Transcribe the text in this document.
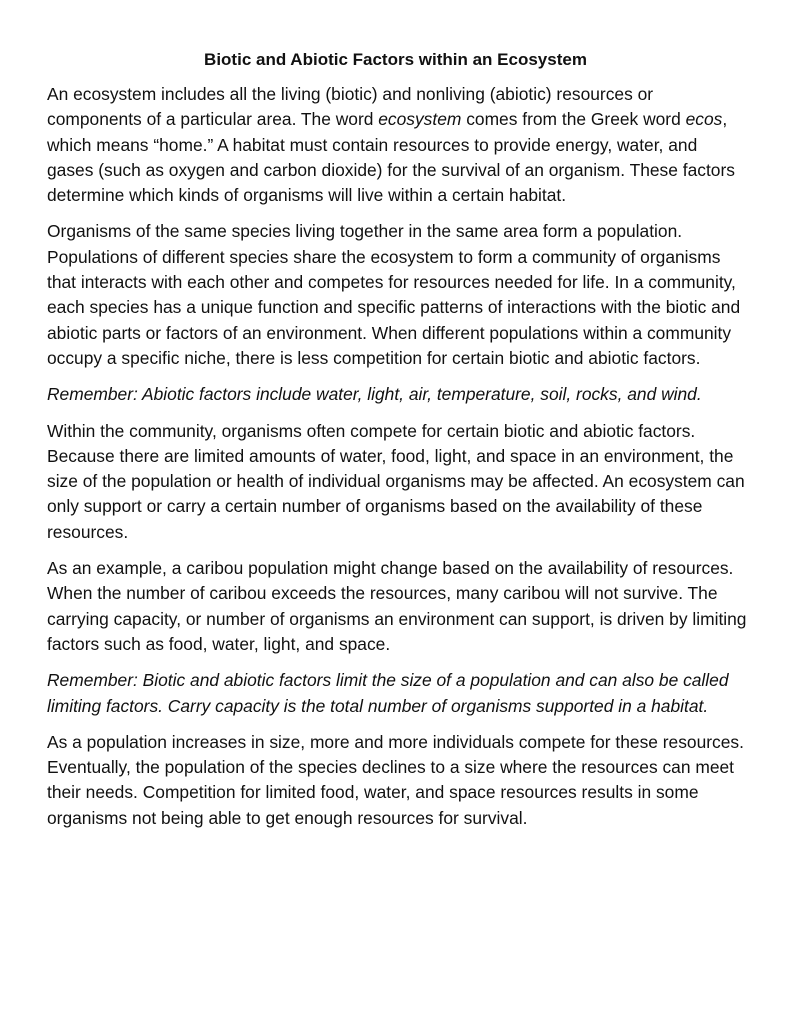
Biotic and Abiotic Factors within an Ecosystem

An ecosystem includes all the living (biotic) and nonliving (abiotic) resources or components of a particular area. The word ecosystem comes from the Greek word ecos, which means “home.” A habitat must contain resources to provide energy, water, and gases (such as oxygen and carbon dioxide) for the survival of an organism. These factors determine which kinds of organisms will live within a certain habitat.

Organisms of the same species living together in the same area form a population. Populations of different species share the ecosystem to form a community of organisms that interacts with each other and competes for resources needed for life. In a community, each species has a unique function and specific patterns of interactions with the biotic and abiotic parts or factors of an environment. When different populations within a community occupy a specific niche, there is less competition for certain biotic and abiotic factors.

Remember: Abiotic factors include water, light, air, temperature, soil, rocks, and wind.

Within the community, organisms often compete for certain biotic and abiotic factors. Because there are limited amounts of water, food, light, and space in an environment, the size of the population or health of individual organisms may be affected. An ecosystem can only support or carry a certain number of organisms based on the availability of these resources.

As an example, a caribou population might change based on the availability of resources. When the number of caribou exceeds the resources, many caribou will not survive. The carrying capacity, or number of organisms an environment can support, is driven by limiting factors such as food, water, light, and space.

Remember: Biotic and abiotic factors limit the size of a population and can also be called limiting factors. Carry capacity is the total number of organisms supported in a habitat.

As a population increases in size, more and more individuals compete for these resources. Eventually, the population of the species declines to a size where the resources can meet their needs. Competition for limited food, water, and space resources results in some organisms not being able to get enough resources for survival.
